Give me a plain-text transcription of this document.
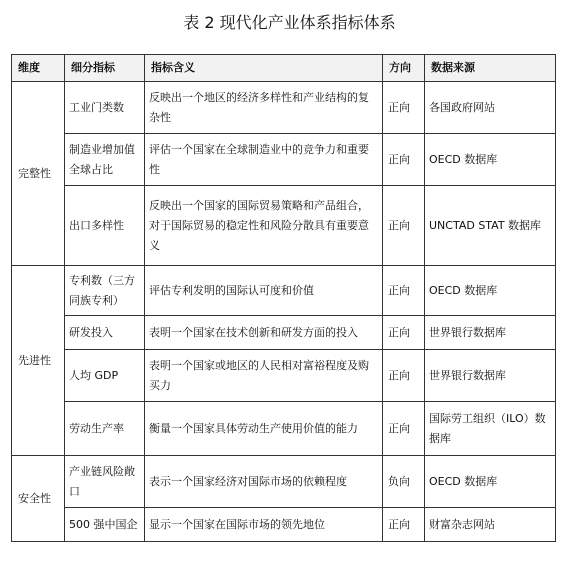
表 2 现代化产业体系指标体系
维度	细分指标	指标含义	方向	数据来源
完整性	工业门类数	反映出一个地区的经济多样性和产业结构的复杂性	正向	各国政府网站
	制造业增加值全球占比	评估一个国家在全球制造业中的竞争力和重要性	正向	OECD 数据库
	出口多样性	反映出一个国家的国际贸易策略和产品组合，对于国际贸易的稳定性和风险分散具有重要意义	正向	UNCTAD STAT 数据库
先进性	专利数（三方同族专利）	评估专利发明的国际认可度和价值	正向	OECD 数据库
	研发投入	表明一个国家在技术创新和研发方面的投入	正向	世界银行数据库
	人均 GDP	表明一个国家或地区的人民相对富裕程度及购买力	正向	世界银行数据库
	劳动生产率	衡量一个国家具体劳动生产使用价值的能力	正向	国际劳工组织（ILO）数据库
安全性	产业链风险敞口	表示一个国家经济对国际市场的依赖程度	负向	OECD 数据库
	500 强中国企	显示一个国家在国际市场的领先地位	正向	财富杂志网站
